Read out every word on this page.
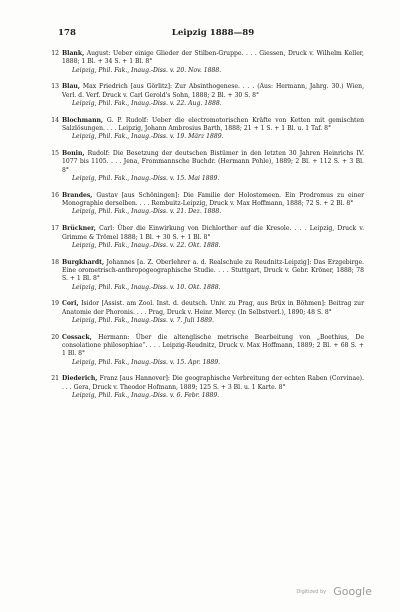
178	Leipzig 1888—89
12 Blank, August: Ueber einige Glieder der Stilben-Gruppe. . . . Giessen, Druck v. Wilhelm Keller, 1888; 1 Bl. + 34 S. + 1 Bl. 8°
Leipzig, Phil. Fak., Inaug.-Diss. v. 20. Nov. 1888.
13 Blau, Max Friedrich [aus Görlitz]: Zur Absinthogenese. . . . (Aus: Hermann, Jahrg. 30.) Wien, Verl. d. Verf. Druck v. Carl Gerold's Sohn, 1888; 2 Bl. + 30 S. 8°
Leipzig, Phil. Fak., Inaug.-Diss. v. 22. Aug. 1888.
14 Blochmann, G. P. Rudolf: Ueber die electromotorischen Kräfte von Ketten mit gemischten Salzlösungen. . . . Leipzig, Johann Ambrosius Barth, 1888; 21 + 1 S. + 1 Bl. u. 1 Taf. 8°
Leipzig, Phil. Fak., Inaug.-Diss. v. 19. März 1889.
15 Bonin, Rudolf: Die Besetzung der deutschen Bistümer in den letzten 30 Jahren Heinrichs IV. 1077 bis 1105. . . . Jena, Frommannsche Buchdr. (Hermann Pohle), 1889; 2 Bl. + 112 S. + 3 Bl. 8°
Leipzig, Phil. Fak., Inaug.-Diss. v. 15. Mai 1889.
16 Brandes, Gustav [aus Schöningen]: Die Familie der Holostomeen. Ein Prodromus zu einer Monographie derselben. . . . Rembuitz-Leipzig, Druck v. Max Hoffmann, 1888; 72 S. + 2 Bl. 8°
Leipzig, Phil. Fak., Inaug.-Diss. v. 21. Dez. 1888.
17 Brückner, Carl: Über die Einwirkung von Dichlorther auf die Kresole. . . . Leipzig, Druck v. Grimme & Trömel 1888; 1 Bl. + 30 S. + 1 Bl. 8°
Leipzig, Phil. Fak., Inaug.-Diss. v. 22. Okt. 1888.
18 Burgkhardt, Johannes [a. Z. Oberlehrer a. d. Realschule zu Reudnitz-Leipzig]: Das Erzgebirge. Eine orometrisch-anthropogeographische Studie. . . . Stuttgart, Druck v. Gebr. Kröner, 1888; 78 S. + 1 Bl. 8°
Leipzig, Phil. Fak., Inaug.-Diss. v. 10. Okt. 1888.
19 Cori, Isidor [Assist. am Zool. Inst. d. deutsch. Univ. zu Prag, aus Brüx in Böhmen]: Beitrag zur Anatomie der Phoronis. . . . Prag, Druck v. Heinr. Mercy. (In Selbstverl.), 1890; 48 S. 8°
Leipzig, Phil. Fak., Inaug.-Diss. v. 7. Juli 1889.
20 Cossack, Hermann: Über die altenglische metrische Bearbeitung von „Boethius, De consolatione philosophiae“. . . . Leipzig-Reudnitz, Druck v. Max Hoffmann, 1889; 2 Bl. + 68 S. + 1 Bl. 8°
Leipzig, Phil. Fak., Inaug.-Diss. v. 15. Apr. 1889.
21 Diederich, Franz [aus Hannover]: Die geographische Verbreitung der echten Raben (Corvinae). . . . Gera, Druck v. Theodor Hofmann, 1889; 125 S. + 3 Bl. u. 1 Karte. 8°
Leipzig, Phil. Fak., Inaug.-Diss. v. 6. Febr. 1889.
Digitized by Google
